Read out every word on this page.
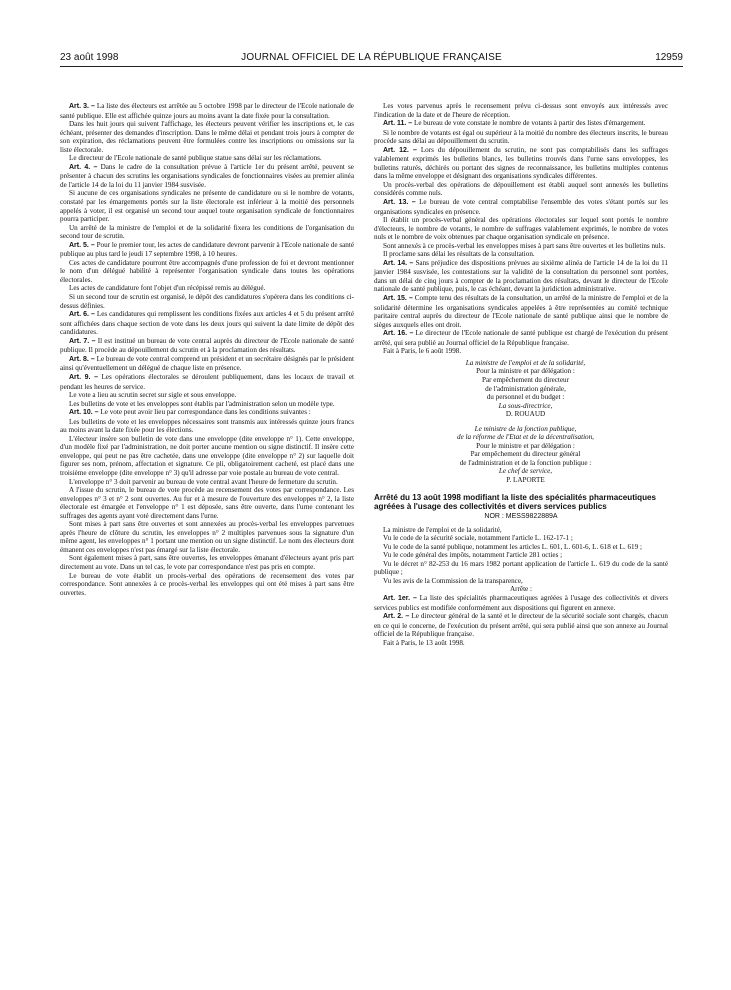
23 août 1998	JOURNAL OFFICIEL DE LA RÉPUBLIQUE FRANÇAISE	12959

Art. 3. – La liste des électeurs est arrêtée au 5 octobre 1998 par le directeur de l'Ecole nationale de santé publique. Elle est affichée quinze jours au moins avant la date fixée pour la consultation.

Dans les huit jours qui suivent l'affichage, les électeurs peuvent vérifier les inscriptions et, le cas échéant, présenter des demandes d'inscription. Dans le même délai et pendant trois jours à compter de son expiration, des réclamations peuvent être formulées contre les inscriptions ou omissions sur la liste électorale.

Le directeur de l'Ecole nationale de santé publique statue sans délai sur les réclamations.

Art. 4. – Dans le cadre de la consultation prévue à l'article 1er du présent arrêté, peuvent se présenter à chacun des scrutins les organisations syndicales de fonctionnaires visées au premier alinéa de l'article 14 de la loi du 11 janvier 1984 susvisée.

Si aucune de ces organisations syndicales ne présente de candidature ou si le nombre de votants, constaté par les émargements portés sur la liste électorale est inférieur à la moitié des personnels appelés à voter, il est organisé un second tour auquel toute organisation syndicale de fonctionnaires pourra participer.

Un arrêté de la ministre de l'emploi et de la solidarité fixera les conditions de l'organisation du second tour de scrutin.

Art. 5. – Pour le premier tour, les actes de candidature devront parvenir à l'Ecole nationale de santé publique au plus tard le jeudi 17 septembre 1998, à 10 heures.

Ces actes de candidature pourront être accompagnés d'une profession de foi et devront mentionner le nom d'un délégué habilité à représenter l'organisation syndicale dans toutes les opérations électorales.

Les actes de candidature font l'objet d'un récépissé remis au délégué.

Si un second tour de scrutin est organisé, le dépôt des candidatures s'opérera dans les conditions ci-dessus définies.

Art. 6. – Les candidatures qui remplissent les conditions fixées aux articles 4 et 5 du présent arrêté sont affichées dans chaque section de vote dans les deux jours qui suivent la date limite de dépôt des candidatures.

Art. 7. – Il est institué un bureau de vote central auprès du directeur de l'Ecole nationale de santé publique. Il procède au dépouillement du scrutin et à la proclamation des résultats.

Art. 8. – Le bureau de vote central comprend un président et un secrétaire désignés par le président ainsi qu'éventuellement un délégué de chaque liste en présence.

Art. 9. – Les opérations électorales se déroulent publiquement, dans les locaux de travail et pendant les heures de service.

Le vote a lieu au scrutin secret sur sigle et sous enveloppe.

Les bulletins de vote et les enveloppes sont établis par l'administration selon un modèle type.

Art. 10. – Le vote peut avoir lieu par correspondance dans les conditions suivantes :

Les bulletins de vote et les enveloppes nécessaires sont transmis aux intéressés quinze jours francs au moins avant la date fixée pour les élections.

L'électeur insère son bulletin de vote dans une enveloppe (dite enveloppe n° 1). Cette enveloppe, d'un modèle fixé par l'administration, ne doit porter aucune mention ou signe distinctif. Il insère cette enveloppe, qui peut ne pas être cachetée, dans une enveloppe (dite enveloppe n° 2) sur laquelle doit figurer ses nom, prénom, affectation et signature. Ce pli, obligatoirement cacheté, est placé dans une troisième enveloppe (dite enveloppe n° 3) qu'il adresse par voie postale au bureau de vote central.

L'enveloppe n° 3 doit parvenir au bureau de vote central avant l'heure de fermeture du scrutin.

A l'issue du scrutin, le bureau de vote procède au recensement des votes par correspondance. Les enveloppes n° 3 et n° 2 sont ouvertes. Au fur et à mesure de l'ouverture des enveloppes n° 2, la liste électorale est émargée et l'enveloppe n° 1 est déposée, sans être ouverte, dans l'urne contenant les suffrages des agents ayant voté directement dans l'urne.

Sont mises à part sans être ouvertes et sont annexées au procès-verbal les enveloppes parvenues après l'heure de clôture du scrutin, les enveloppes n° 2 multiples parvenues sous la signature d'un même agent, les enveloppes n° 1 portant une mention ou un signe distinctif. Le nom des électeurs dont émanent ces enveloppes n'est pas émargé sur la liste électorale.

Sont également mises à part, sans être ouvertes, les enveloppes émanant d'électeurs ayant pris part directement au vote. Dans un tel cas, le vote par correspondance n'est pas pris en compte.

Le bureau de vote établit un procès-verbal des opérations de recensement des votes par correspondance. Sont annexées à ce procès-verbal les enveloppes qui ont été mises à part sans être ouvertes.

Les votes parvenus après le recensement prévu ci-dessus sont envoyés aux intéressés avec l'indication de la date et de l'heure de réception.

Art. 11. – Le bureau de vote constate le nombre de votants à partir des listes d'émargement.

Si le nombre de votants est égal ou supérieur à la moitié du nombre des électeurs inscrits, le bureau procède sans délai au dépouillement du scrutin.

Art. 12. – Lors du dépouillement du scrutin, ne sont pas comptabilisés dans les suffrages valablement exprimés les bulletins blancs, les bulletins trouvés dans l'urne sans enveloppes, les bulletins raturés, déchirés ou portant des signes de reconnaissance, les bulletins multiples contenus dans la même enveloppe et désignant des organisations syndicales différentes.

Un procès-verbal des opérations de dépouillement est établi auquel sont annexés les bulletins considérés comme nuls.

Art. 13. – Le bureau de vote central comptabilise l'ensemble des votes s'étant portés sur les organisations syndicales en présence.

Il établit un procès-verbal général des opérations électorales sur lequel sont portés le nombre d'électeurs, le nombre de votants, le nombre de suffrages valablement exprimés, le nombre de votes nuls et le nombre de voix obtenues par chaque organisation syndicale en présence.

Sont annexés à ce procès-verbal les enveloppes mises à part sans être ouvertes et les bulletins nuls.

Il proclame sans délai les résultats de la consultation.

Art. 14. – Sans préjudice des dispositions prévues au sixième alinéa de l'article 14 de la loi du 11 janvier 1984 susvisée, les contestations sur la validité de la consultation du personnel sont portées, dans un délai de cinq jours à compter de la proclamation des résultats, devant le directeur de l'Ecole nationale de santé publique, puis, le cas échéant, devant la juridiction administrative.

Art. 15. – Compte tenu des résultats de la consultation, un arrêté de la ministre de l'emploi et de la solidarité détermine les organisations syndicales appelées à être représentées au comité technique paritaire central auprès du directeur de l'Ecole nationale de santé publique ainsi que le nombre de sièges auxquels elles ont droit.

Art. 16. – Le directeur de l'Ecole nationale de santé publique est chargé de l'exécution du présent arrêté, qui sera publié au Journal officiel de la République française.

Fait à Paris, le 6 août 1998.

La ministre de l'emploi et de la solidarité,

Pour la ministre et par délégation :

Par empêchement du directeur

de l'administration générale,

du personnel et du budget :

La sous-directrice,

D. ROUAUD

Le ministre de la fonction publique,

de la réforme de l'Etat et de la décentralisation,

Pour le ministre et par délégation :

Par empêchement du directeur général

de l'administration et de la fonction publique :

Le chef de service,

P. LAPORTE

Arrêté du 13 août 1998 modifiant la liste des spécialités pharmaceutiques agréées à l'usage des collectivités et divers services publics

NOR : MESS9822889A

La ministre de l'emploi et de la solidarité,

Vu le code de la sécurité sociale, notamment l'article L. 162-17-1 ;

Vu le code de la santé publique, notamment les articles L. 601, L. 601-6, L. 618 et L. 619 ;

Vu le code général des impôts, notamment l'article 281 octies ;

Vu le décret n° 82-253 du 16 mars 1982 portant application de l'article L. 619 du code de la santé publique ;

Vu les avis de la Commission de la transparence,

Arrête :

Art. 1er. – La liste des spécialités pharmaceutiques agréées à l'usage des collectivités et divers services publics est modifiée conformément aux dispositions qui figurent en annexe.

Art. 2. – Le directeur général de la santé et le directeur de la sécurité sociale sont chargés, chacun en ce qui le concerne, de l'exécution du présent arrêté, qui sera publié ainsi que son annexe au Journal officiel de la République française.

Fait à Paris, le 13 août 1998.
